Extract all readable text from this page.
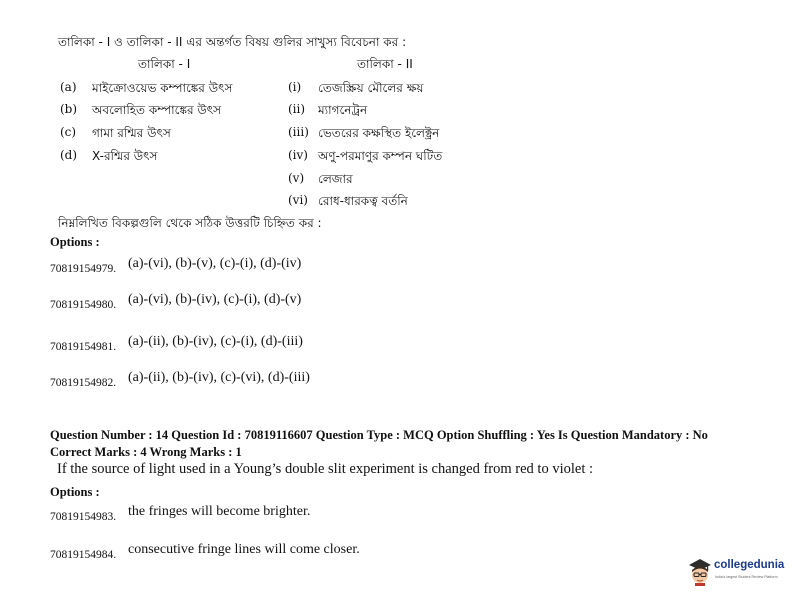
তালিকা - I ও তালিকা - II এর অন্তর্গত বিষয় গুলির সাখুস্য বিবেচনা কর :
তালিকা - I	তালিকা - II
(a) মাইক্রোওয়েভ কম্পাঙ্কের উৎস
(b) অবলোহিত কম্পাঙ্কের উৎস
(c) গামা রশ্মির উৎস
(d) X-রশ্মির উৎস
(i) তেজস্ক্রিয় মৌলের ক্ষয়
(ii) ম্যাগনেট্রন
(iii) ভেতরের কক্ষস্থিত ইলেক্ট্রন
(iv) অণু-পরমাণুর কম্পন ঘটিত
(v) লেজার
(vi) রোধ-ধারকত্ব বর্তনি
নিম্নলিখিত বিকল্পগুলি থেকে সঠিক উত্তরটি চিহ্নিত কর :
Options :
70819154979. (a)-(vi), (b)-(v), (c)-(i), (d)-(iv)
70819154980. (a)-(vi), (b)-(iv), (c)-(i), (d)-(v)
70819154981. (a)-(ii), (b)-(iv), (c)-(i), (d)-(iii)
70819154982. (a)-(ii), (b)-(iv), (c)-(vi), (d)-(iii)
Question Number : 14 Question Id : 70819116607 Question Type : MCQ Option Shuffling : Yes Is Question Mandatory : No
Correct Marks : 4 Wrong Marks : 1
If the source of light used in a Young’s double slit experiment is changed from red to violet :
Options :
70819154983. the fringes will become brighter.
70819154984. consecutive fringe lines will come closer.
collegedunia
India's largest Student Review Platform
